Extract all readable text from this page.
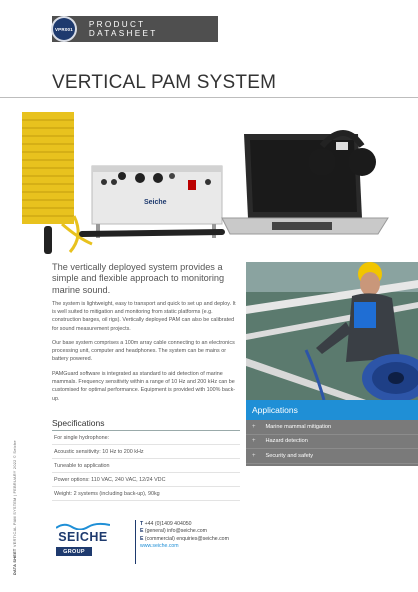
VPR001	PRODUCT DATASHEET
VERTICAL PAM SYSTEM
Seiche
DATA SHEET VERTICAL PAM SYSTEM | FEBRUARY 2022 © Seiche
The vertically deployed system provides a simple and flexible approach to monitoring marine sound.
The system is lightweight, easy to transport and quick to set up and deploy. It is well suited to mitigation and monitoring from static platforms (e.g. construction barges, oil rigs). Vertically deployed PAM can also be calibrated for sound measurement projects.
Our base system comprises a 100m array cable connecting to an electronics processing unit, computer and headphones. The system can be mains or battery powered.
PAMGuard software is integrated as standard to aid detection of marine mammals. Frequency sensitivity within a range of 10 Hz and 200 kHz can be customised for optimal performance. Equipment is provided with 100% back-up.
Specifications
For single hydrophone:
Acoustic sensitivity: 10 Hz to 200 kHz
Tuneable to application
Power options: 110 VAC, 240 VAC, 12/24 VDC
Weight: 2 systems (including back-up), 90kg
Applications
+ Marine mammal mitigation
+ Hazard detection
+ Security and safety
SEICHE
GROUP
T +44 (0)1409 404050
E (general) info@seiche.com
E (commercial) enquiries@seiche.com
www.seiche.com
